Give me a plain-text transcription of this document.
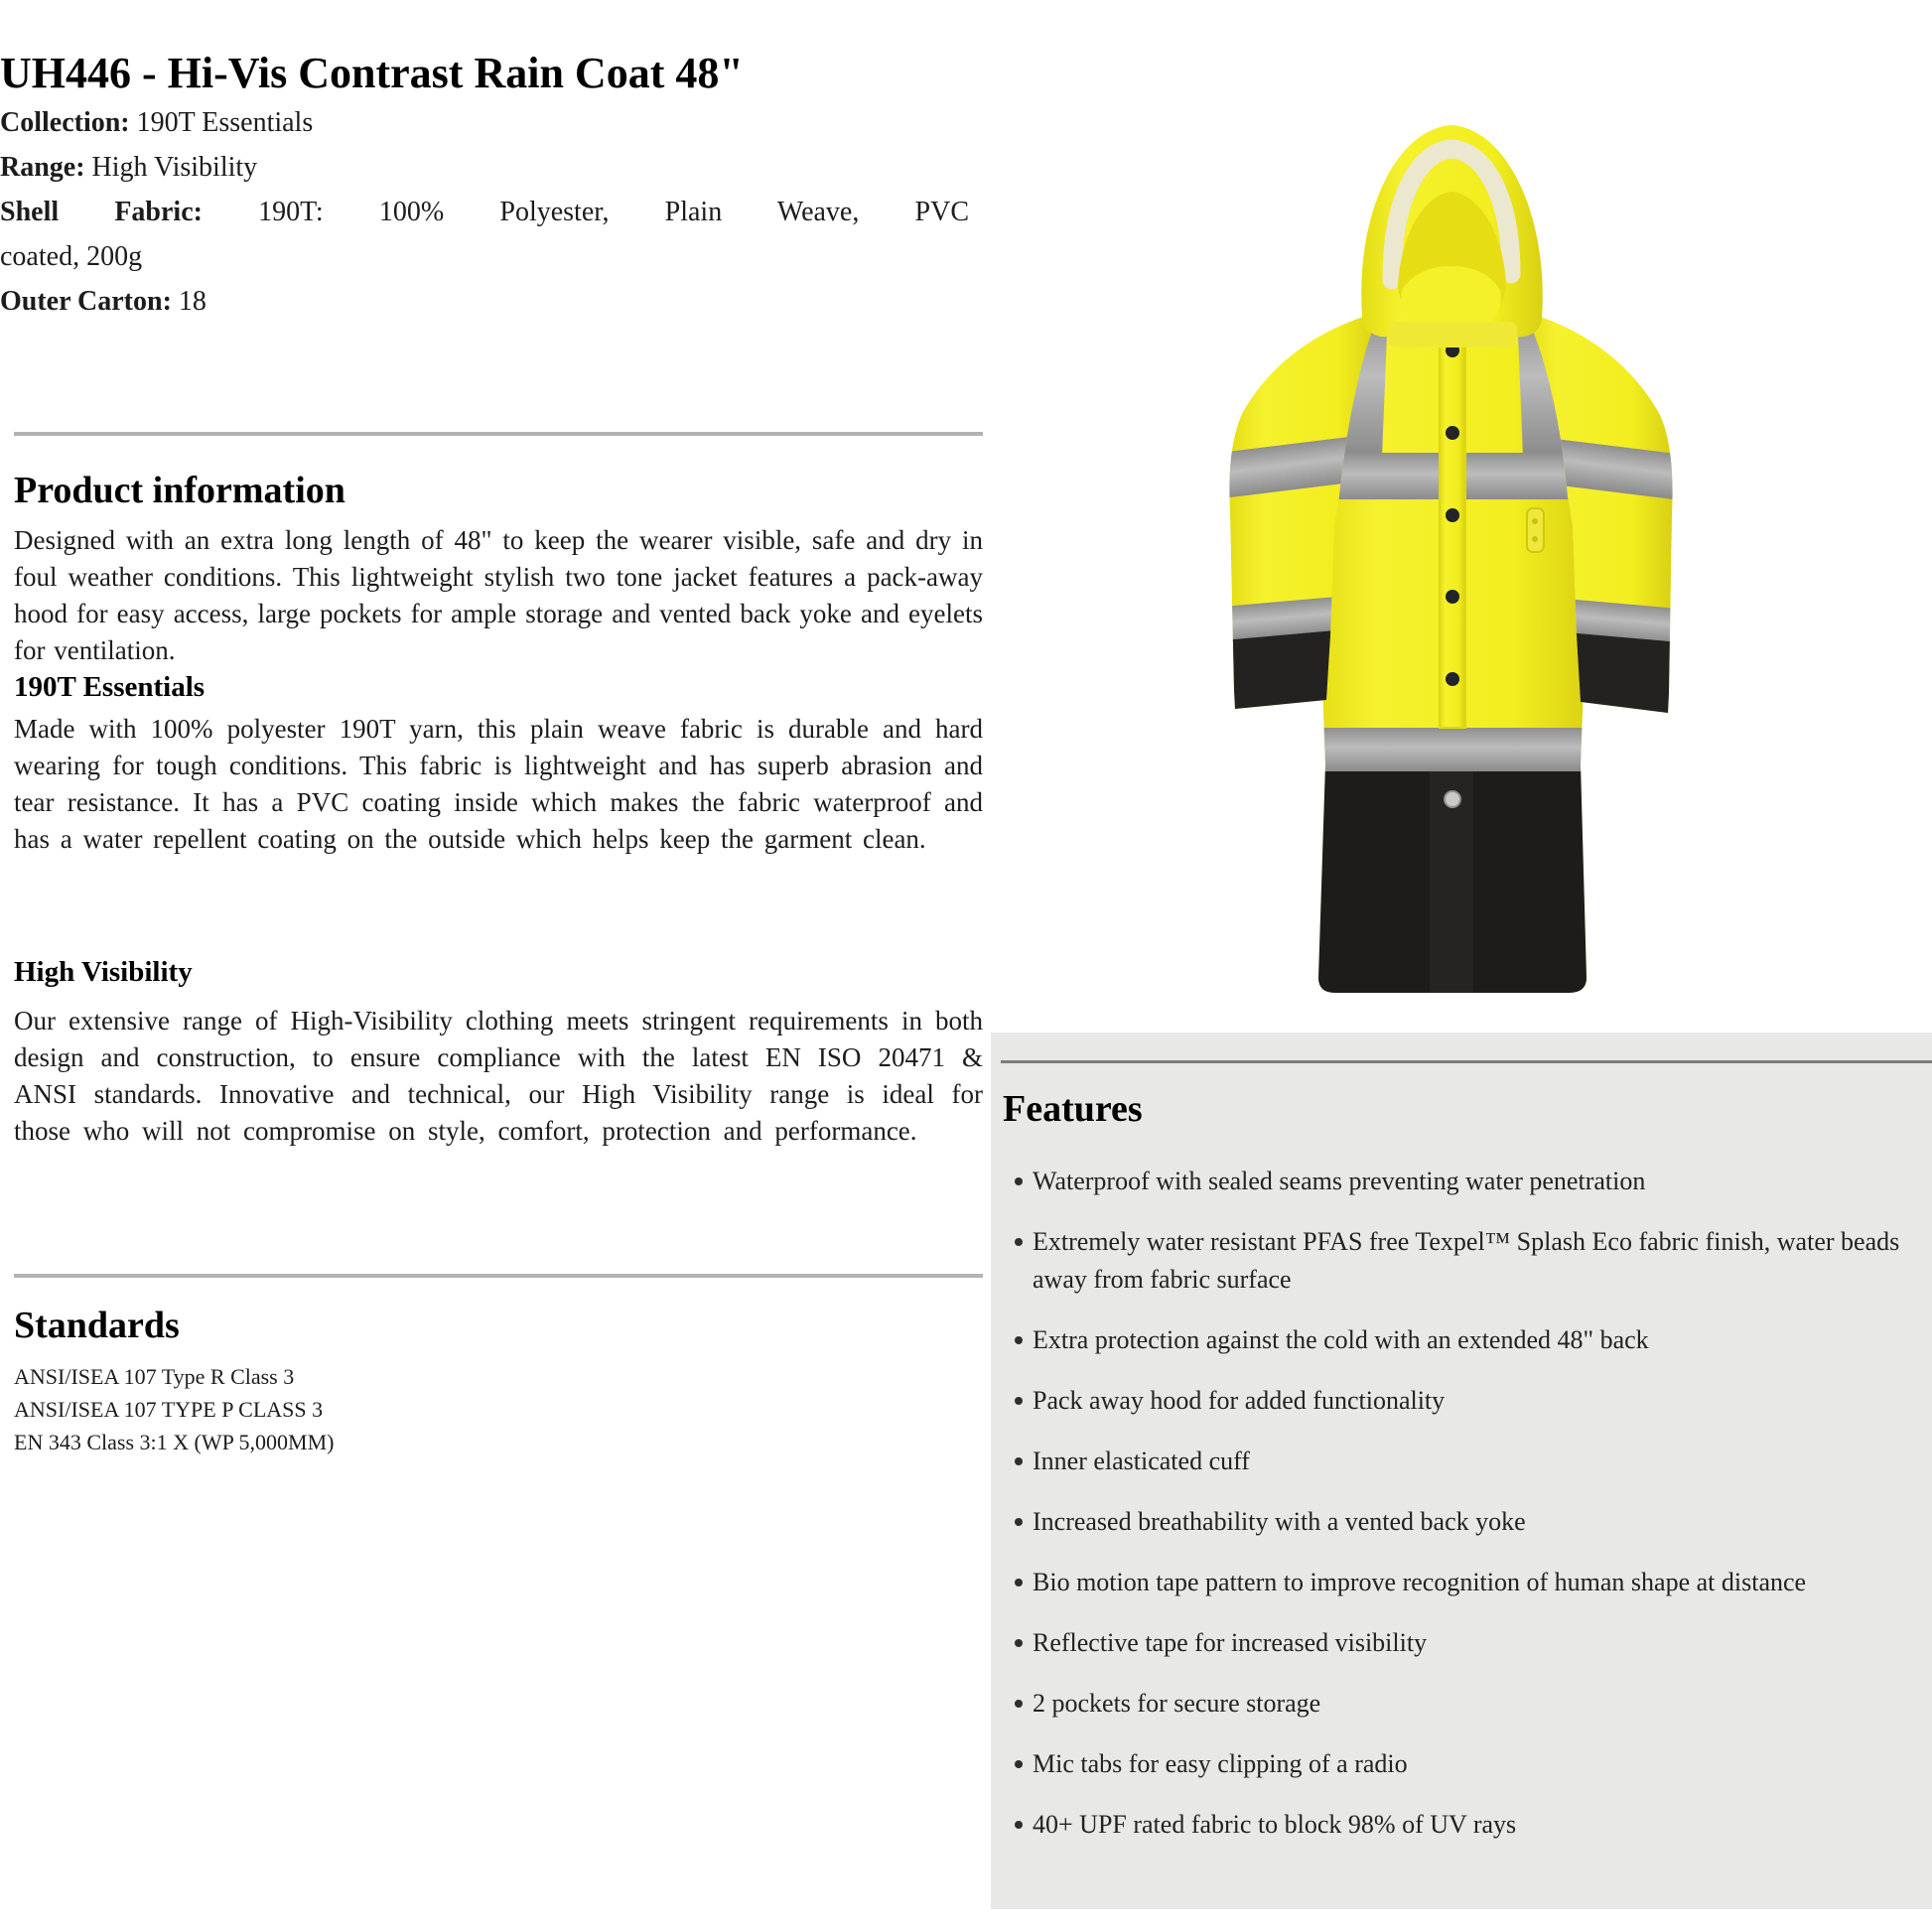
UH446 - Hi-Vis Contrast Rain Coat 48"
Collection: 190T Essentials
Range: High Visibility
Shell Fabric: 190T: 100% Polyester, Plain Weave, PVC
coated, 200g
Outer Carton: 18
Product information
Designed with an extra long length of 48" to keep the wearer visible, safe and dry in foul weather conditions. This lightweight stylish two tone jacket features a pack-away hood for easy access, large pockets for ample storage and vented back yoke and eyelets for ventilation.
190T Essentials
Made with 100% polyester 190T yarn, this plain weave fabric is durable and hard wearing for tough conditions. This fabric is lightweight and has superb abrasion and tear resistance. It has a PVC coating inside which makes the fabric waterproof and has a water repellent coating on the outside which helps keep the garment clean.
High Visibility
Our extensive range of High-Visibility clothing meets stringent requirements in both design and construction, to ensure compliance with the latest EN ISO 20471 & ANSI standards. Innovative and technical, our High Visibility range is ideal for those who will not compromise on style, comfort, protection and performance.
Standards
ANSI/ISEA 107 Type R Class 3
ANSI/ISEA 107 TYPE P CLASS 3
EN 343 Class 3:1 X (WP 5,000MM)
Features
Waterproof with sealed seams preventing water penetration
Extremely water resistant PFAS free Texpel™ Splash Eco fabric finish, water beads away from fabric surface
Extra protection against the cold with an extended 48" back
Pack away hood for added functionality
Inner elasticated cuff
Increased breathability with a vented back yoke
Bio motion tape pattern to improve recognition of human shape at distance
Reflective tape for increased visibility
2 pockets for secure storage
Mic tabs for easy clipping of a radio
40+ UPF rated fabric to block 98% of UV rays
